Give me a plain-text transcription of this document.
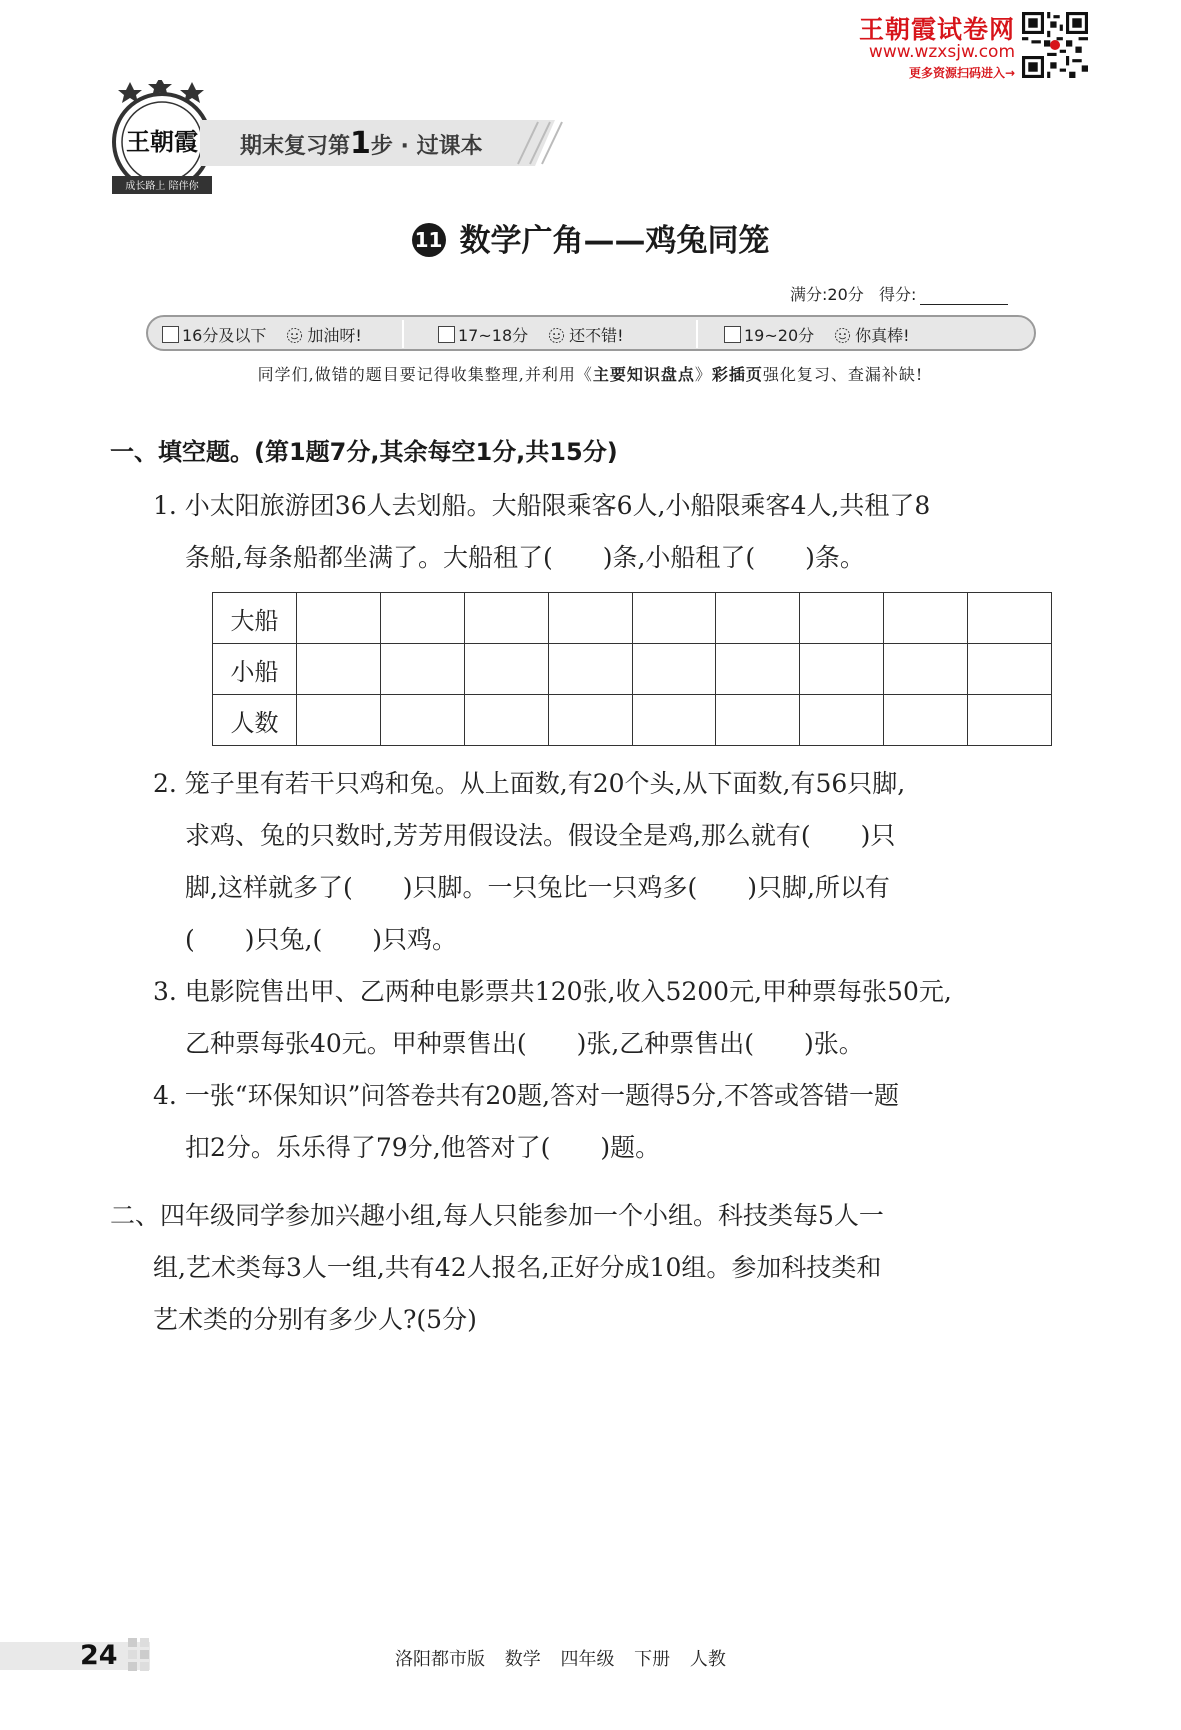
王朝霞试卷网
www.wzxsjw.com
更多资源扫码进入→
王朝霞
成长路上 陪伴你
期末复习第1步 · 过课本
11 数学广角——鸡兔同笼
满分:20分 得分:
16分及以下	加油呀!	17~18分	还不错!	19~20分	你真棒!
同学们,做错的题目要记得收集整理,并利用《主要知识盘点》彩插页强化复习、查漏补缺!
一、填空题。(第1题7分,其余每空1分,共15分)
1. 小太阳旅游团36人去划船。大船限乘客6人,小船限乘客4人,共租了8
条船,每条船都坐满了。大船租了(　　)条,小船租了(　　)条。
大船									
小船									
人数									
2. 笼子里有若干只鸡和兔。从上面数,有20个头,从下面数,有56只脚,
求鸡、兔的只数时,芳芳用假设法。假设全是鸡,那么就有(　　)只
脚,这样就多了(　　)只脚。一只兔比一只鸡多(　　)只脚,所以有
(　　)只兔,(　　)只鸡。
3. 电影院售出甲、乙两种电影票共120张,收入5200元,甲种票每张50元,
乙种票每张40元。甲种票售出(　　)张,乙种票售出(　　)张。
4. 一张“环保知识”问答卷共有20题,答对一题得5分,不答或答错一题
扣2分。乐乐得了79分,他答对了(　　)题。
二、四年级同学参加兴趣小组,每人只能参加一个小组。科技类每5人一
组,艺术类每3人一组,共有42人报名,正好分成10组。参加科技类和
艺术类的分别有多少人?(5分)
24	洛阳都市版 数学 四年级 下册 人教
